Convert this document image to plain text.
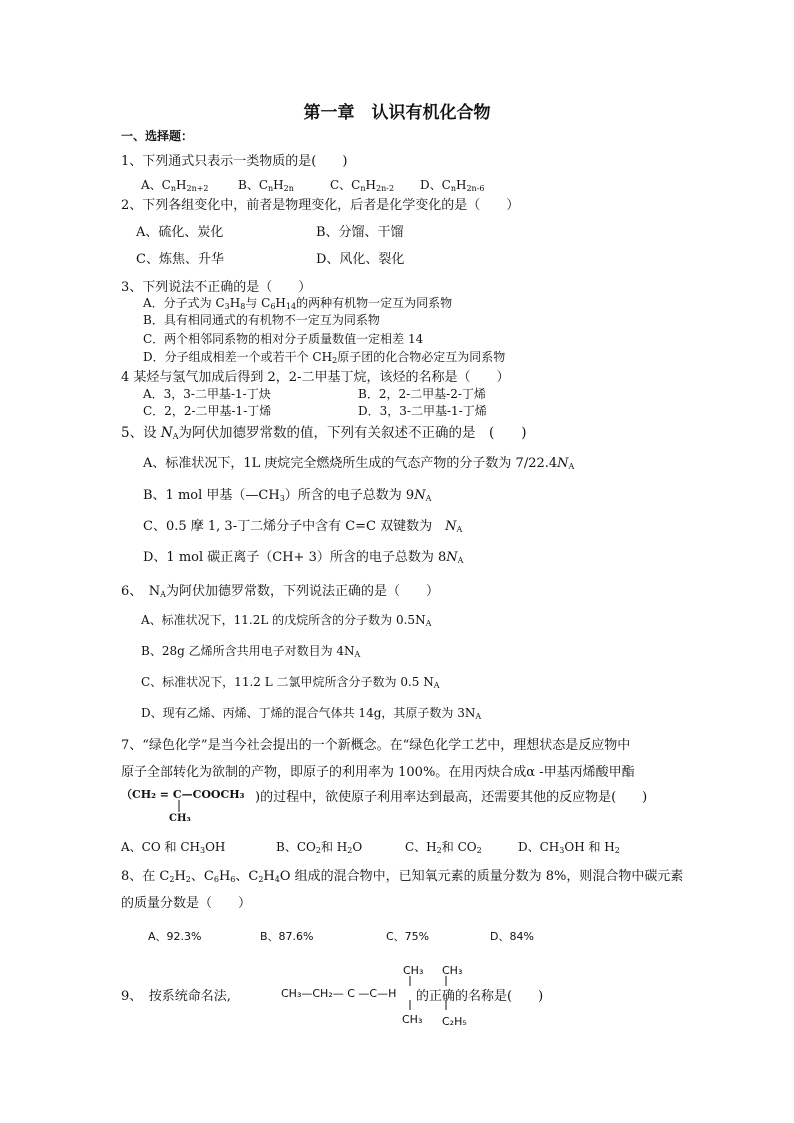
第一章　认识有机化合物
一、选择题：
1、下列通式只表示一类物质的是(　　)
A、$C_nH_{2n+2}$ B、$C_nH_{2n}$	C、$C_nH_{2n-2}$ D、$C_nH_{2n-6}$
2、下列各组变化中，前者是物理变化，后者是化学变化的是（　　）
A、硫化、炭化	B、分馏、干馏
C、炼焦、升华	D、风化、裂化
3、下列说法不正确的是（　　）
A．分子式为 $C_3H_8$与 $C_6H_{14}$的两种有机物一定互为同系物
B．具有相同通式的有机物不一定互为同系物
C．两个相邻同系物的相对分子质量数值一定相差 14
D．分子组成相差一个或若干个 $CH_2$原子团的化合物必定互为同系物
4 某烃与氢气加成后得到 2，2-二甲基丁烷，该烃的名称是（　　）
A．3，3-二甲基-1-丁炔	B．2，2-二甲基-2-丁烯
C．2，2-二甲基-1-丁烯	D．3，3-二甲基-1-丁烯
5、设 $N_A$为阿伏加德罗常数的值，下列有关叙述不正确的是　(　　)
A、标准状况下，1L 庚烷完全燃烧所生成的气态产物的分子数为 $7/22.4N_A$
B、1 mol 甲基$(—CH_3)$所含的电子总数为 $9N_A$
C、0.5 摩 1, 3-丁二烯分子中含有 C=C 双键数为　$N_A$
D、1 mol 碳正离子（CH+ 3）所含的电子总数为 $8N_A$
6、　$N_A$为阿伏加德罗常数，下列说法正确的是（　　）
A、标准状况下，11.2L 的戊烷所含的分子数为 $0.5N_A$
B、28g 乙烯所含共用电子对数目为 $4N_A$
C、标准状况下，11.2 L 二氯甲烷所含分子数为 0.5 $N_A$
D、现有乙烯、丙烯、丁烯的混合气体共 14g，其原子数为 $3N_A$
7、“绿色化学”是当今社会提出的一个新概念。在“绿色化学工艺中，理想状态是反应物中
原子全部转化为欲制的产物，即原子的利用率为 100%。在用丙炔合成α -甲基丙烯酸甲酯
（CH₂ = C—COOCH₃
CH₃
)的过程中，欲使原子利用率达到最高，还需要其他的反应物是(　　)
A、CO 和 $CH_3OH$	B、$CO_2$和 $H_2O$	C、$H_2$和 $CO_2$	D、$CH_3OH$ 和 $H_2$
8、在 $C_2H_2$、$C_6H_6$、$C_2H_4O$ 组成的混合物中，已知氧元素的质量分数为 8%，则混合物中碳元素
的质量分数是（　　）
A、92.3%	B、87.6%	C、75%	D、84%
9、　按系统命名法,
CH₃ CH₃
CH₃—CH₂— C —C—H 的正确的名称是(　　)
CH₃ C₂H₅
